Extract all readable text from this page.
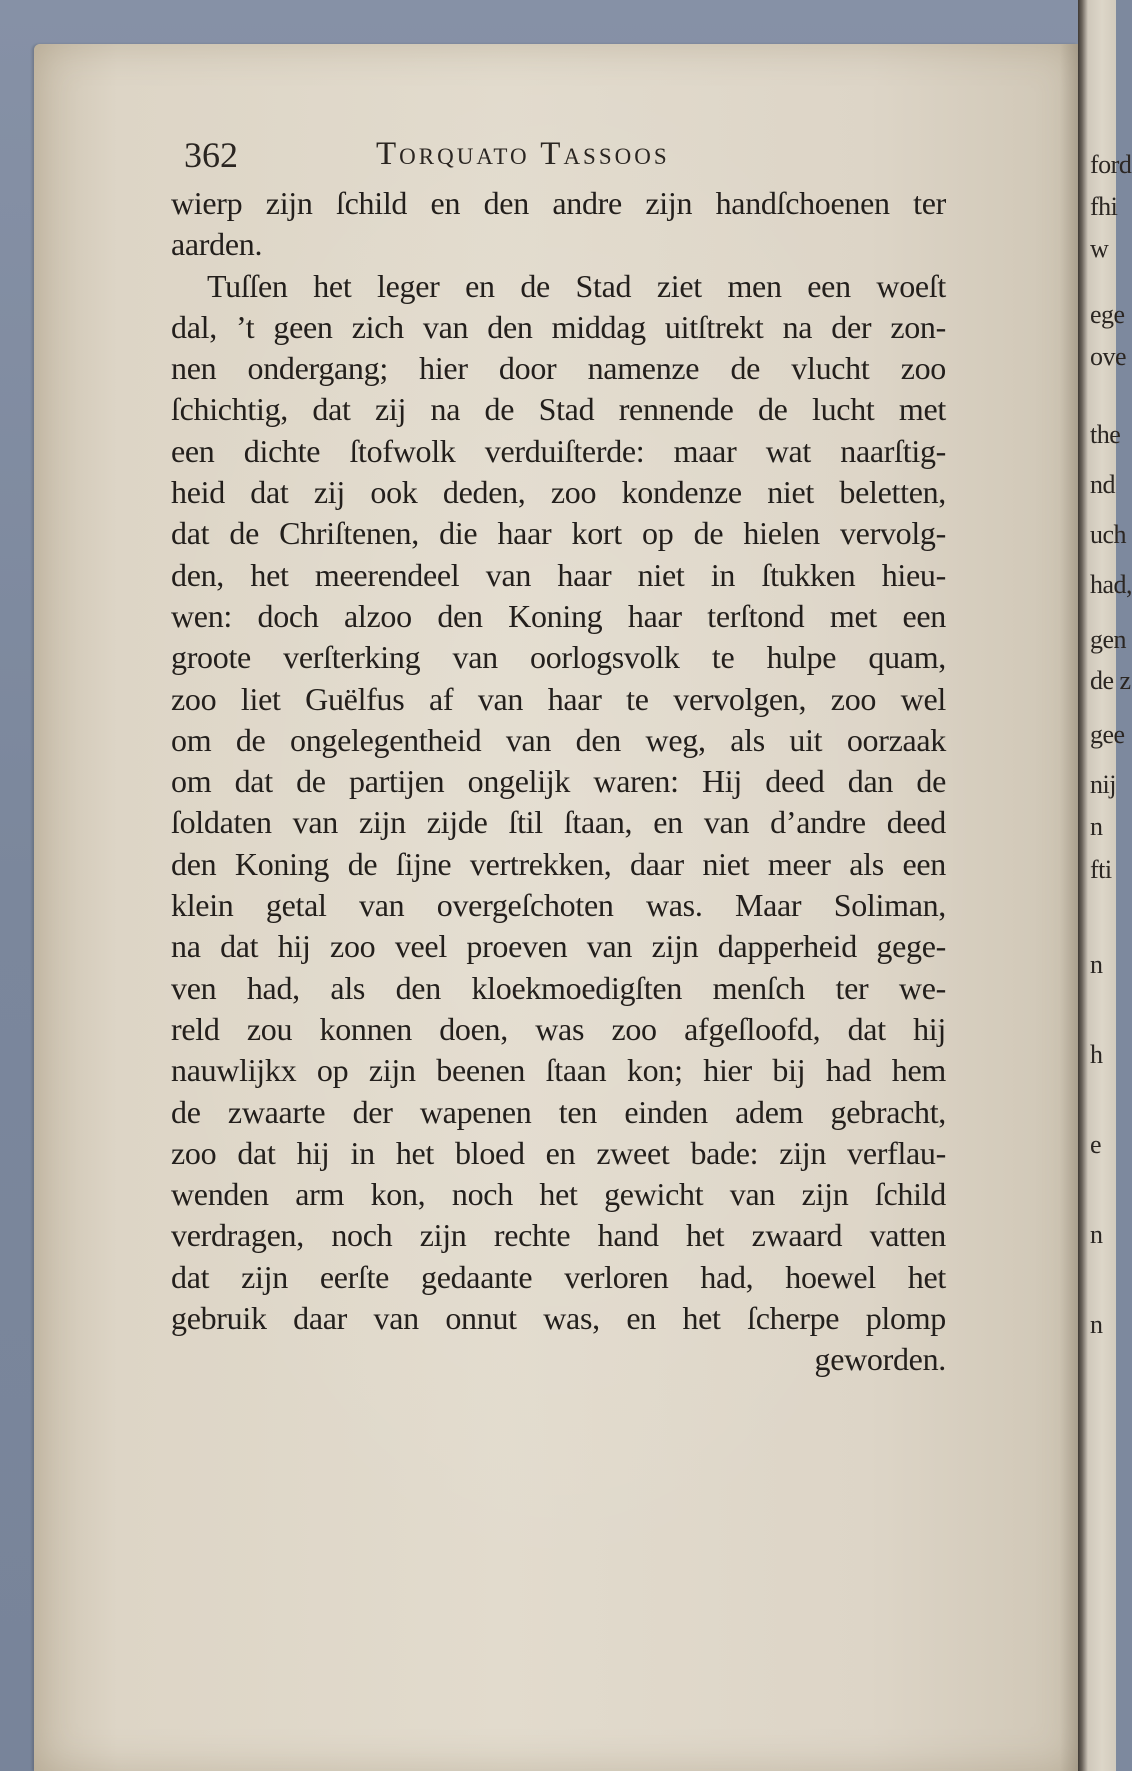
ford
fhi
w
ege
ove
the
nd
uch
had,
gen
de z
gee
nij
n
fti
n
h
e
n
n
362	Torquato Tassoos
wierp zijn ſchild en den andre zijn handſchoenen ter
aarden.
Tuſſen het leger en de Stad ziet men een woeſt
dal, ’t geen zich van den middag uitſtrekt na der zon-
nen ondergang; hier door namenze de vlucht zoo
ſchichtig, dat zij na de Stad rennende de lucht met
een dichte ſtofwolk verduiſterde: maar wat naarſtig-
heid dat zij ook deden, zoo kondenze niet beletten,
dat de Chriſtenen, die haar kort op de hielen vervolg-
den, het meerendeel van haar niet in ſtukken hieu-
wen: doch alzoo den Koning haar terſtond met een
groote verſterking van oorlogsvolk te hulpe quam,
zoo liet Guëlfus af van haar te vervolgen, zoo wel
om de ongelegentheid van den weg, als uit oorzaak
om dat de partijen ongelijk waren: Hij deed dan de
ſoldaten van zijn zijde ſtil ſtaan, en van d’andre deed
den Koning de ſijne vertrekken, daar niet meer als een
klein getal van overgeſchoten was. Maar Soliman,
na dat hij zoo veel proeven van zijn dapperheid gege-
ven had, als den kloekmoedigſten menſch ter we-
reld zou konnen doen, was zoo afgeſloofd, dat hij
nauwlijkx op zijn beenen ſtaan kon; hier bij had hem
de zwaarte der wapenen ten einden adem gebracht,
zoo dat hij in het bloed en zweet bade: zijn verflau-
wenden arm kon, noch het gewicht van zijn ſchild
verdragen, noch zijn rechte hand het zwaard vatten
dat zijn eerſte gedaante verloren had, hoewel het
gebruik daar van onnut was, en het ſcherpe plomp
geworden.
